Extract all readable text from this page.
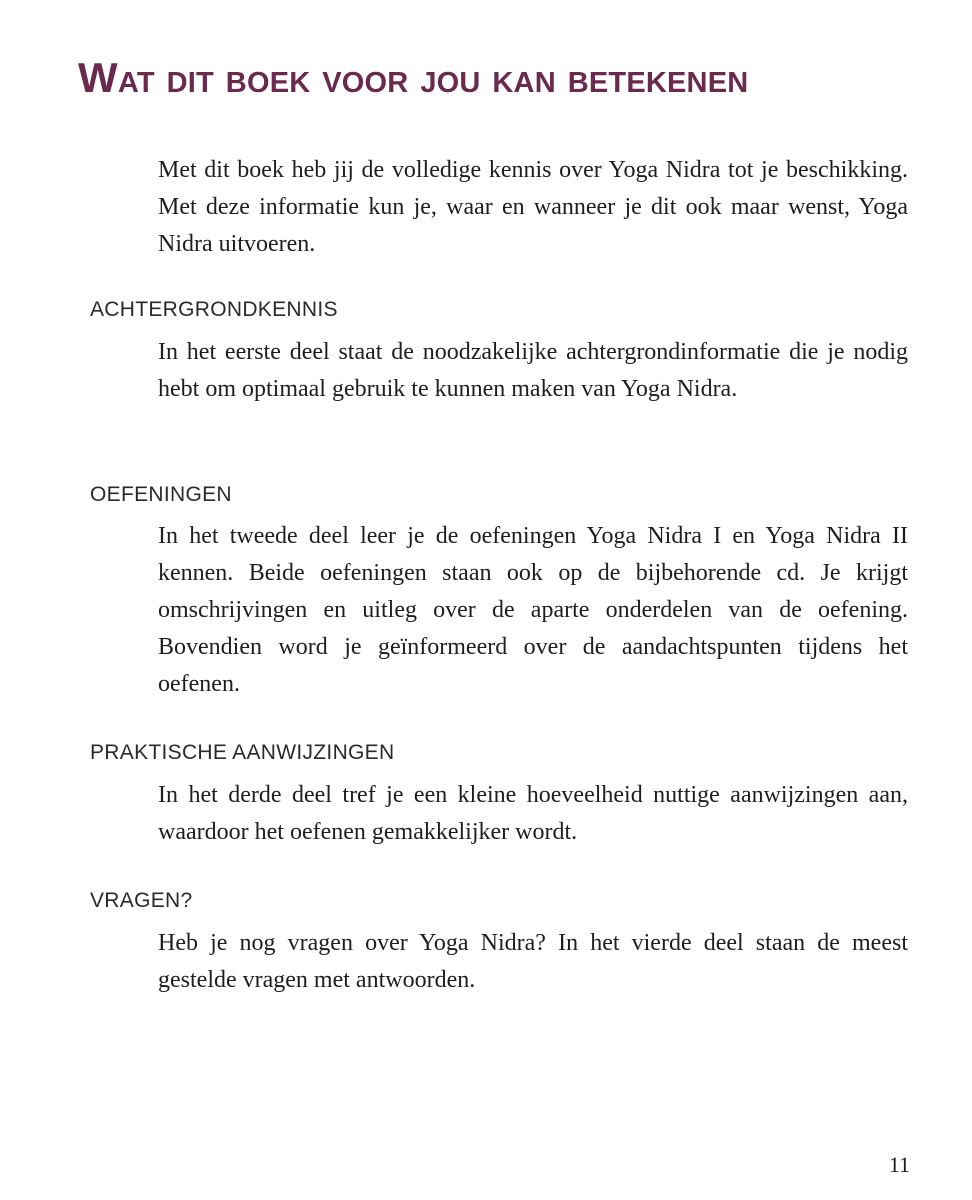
Wat dit boek voor jou kan betekenen

Met dit boek heb jij de volledige kennis over Yoga Nidra tot je beschikking. Met deze informatie kun je, waar en wanneer je dit ook maar wenst, Yoga Nidra uitvoeren.

ACHTERGRONDKENNIS

In het eerste deel staat de noodzakelijke achtergrondinformatie die je nodig hebt om optimaal gebruik te kunnen maken van Yoga Nidra.

OEFENINGEN

In het tweede deel leer je de oefeningen Yoga Nidra I en Yoga Nidra II kennen. Beide oefeningen staan ook op de bijbehorende cd. Je krijgt omschrijvingen en uitleg over de aparte onderdelen van de oefening. Bovendien word je geïnformeerd over de aandachtspunten tijdens het oefenen.

PRAKTISCHE AANWIJZINGEN

In het derde deel tref je een kleine hoeveelheid nuttige aanwijzingen aan, waardoor het oefenen gemakkelijker wordt.

VRAGEN?

Heb je nog vragen over Yoga Nidra? In het vierde deel staan de meest gestelde vragen met antwoorden.

11
